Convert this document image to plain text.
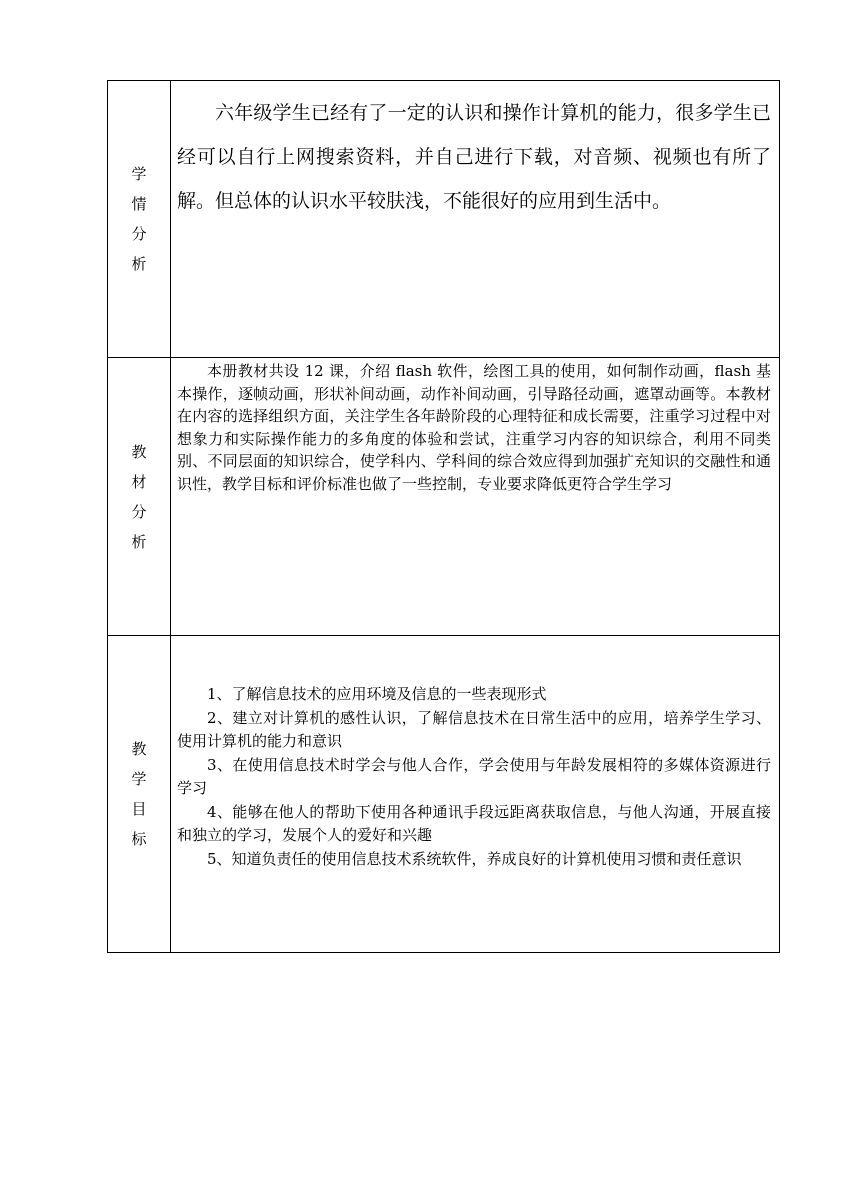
学情分析	六年级学生已经有了一定的认识和操作计算机的能力，很多学生已经可以自行上网搜索资料，并自己进行下载，对音频、视频也有所了解。但总体的认识水平较肤浅，不能很好的应用到生活中。

教材分析	本册教材共设 12 课，介绍 flash 软件，绘图工具的使用，如何制作动画，flash 基本操作，逐帧动画，形状补间动画，动作补间动画，引导路径动画，遮罩动画等。本教材在内容的选择组织方面，关注学生各年龄阶段的心理特征和成长需要，注重学习过程中对想象力和实际操作能力的多角度的体验和尝试，注重学习内容的知识综合，利用不同类别、不同层面的知识综合，使学科内、学科间的综合效应得到加强扩充知识的交融性和通识性，教学目标和评价标准也做了一些控制，专业要求降低更符合学生学习

教学目标	1、了解信息技术的应用环境及信息的一些表现形式

2、建立对计算机的感性认识，了解信息技术在日常生活中的应用，培养学生学习、使用计算机的能力和意识

3、在使用信息技术时学会与他人合作，学会使用与年龄发展相符的多媒体资源进行学习

4、能够在他人的帮助下使用各种通讯手段远距离获取信息，与他人沟通，开展直接和独立的学习，发展个人的爱好和兴趣

5、知道负责任的使用信息技术系统软件，养成良好的计算机使用习惯和责任意识
